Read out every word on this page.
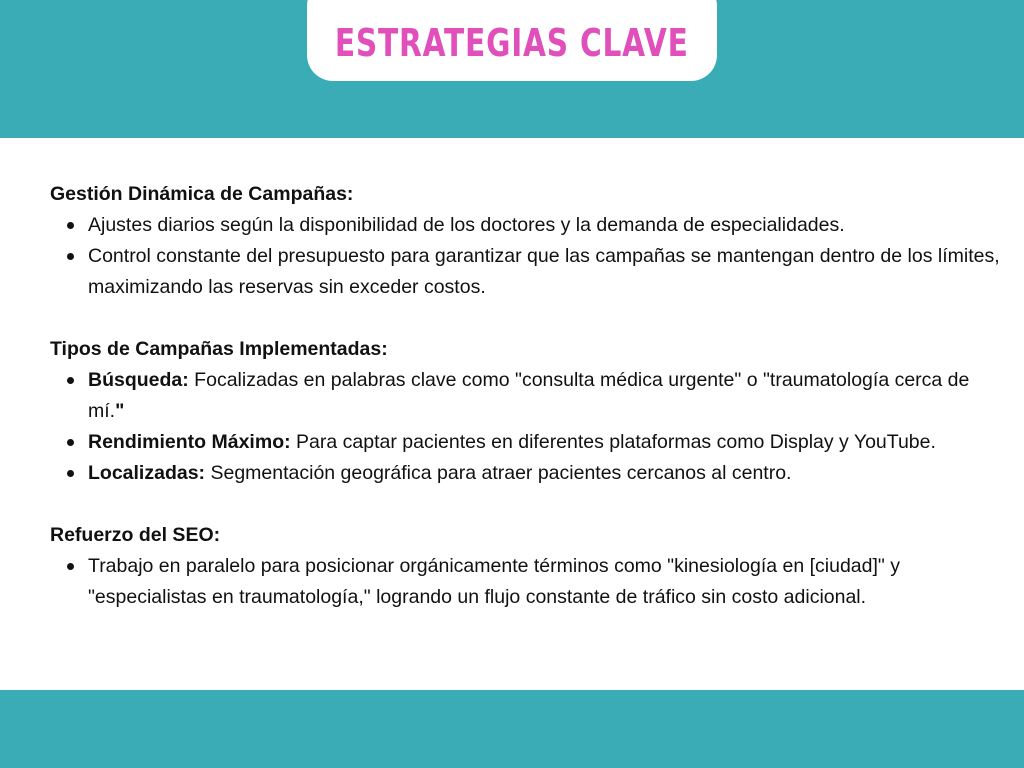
ESTRATEGIAS CLAVE

Gestión Dinámica de Campañas:

Ajustes diarios según la disponibilidad de los doctores y la demanda de especialidades.
Control constante del presupuesto para garantizar que las campañas se mantengan dentro de los límites, maximizando las reservas sin exceder costos.

Tipos de Campañas Implementadas:

Búsqueda: Focalizadas en palabras clave como "consulta médica urgente" o "traumatología cerca de mí."
Rendimiento Máximo: Para captar pacientes en diferentes plataformas como Display y YouTube.
Localizadas: Segmentación geográfica para atraer pacientes cercanos al centro.

Refuerzo del SEO:

Trabajo en paralelo para posicionar orgánicamente términos como "kinesiología en [ciudad]" y "especialistas en traumatología," logrando un flujo constante de tráfico sin costo adicional.
